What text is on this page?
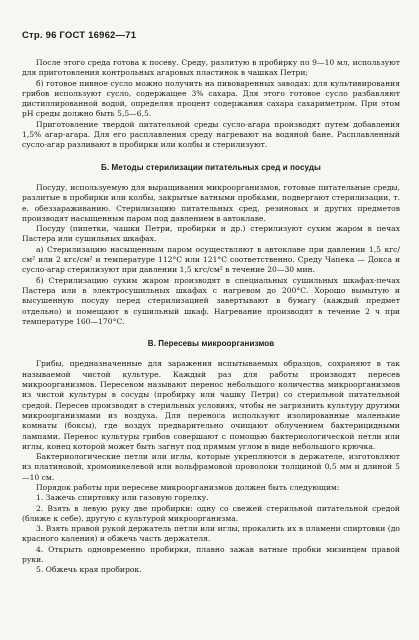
Стр. 96 ГОСТ 16962—71

После этого среда готова к посеву. Среду, разлитую в пробирку по 9—10 мл, используют для приготовления контрольных агаровых пластинок в чашках Петри;

б) готовое пивное сусло можно получить на пивоваренных заводах: для культивирования грибов используют сусло, содержащее 3% сахара. Для этого готовое сусло разбавляют дистиллированной водой, определяя процент содержания сахара сахариметром. При этом pH среды должно быть 5,5—6,5.

Приготовление твердой питательной среды сусло-агара производят путем добавления 1,5% агар-агара. Для его расплавления среду нагревают на водяной бане. Расплавленный сусло-агар разливают в пробирки или колбы и стерилизуют.

Б. Методы стерилизации питательных сред и посуды

Посуду, используемую для выращивания микроорганизмов, готовые питательные среды, разлитые в пробирки или колбы, закрытые ватными пробками, подвергают стерилизации, т. е. обеззараживанию. Стерилизацию питательных сред, резиновых и других предметов производят насыщенным паром под давлением в автоклаве.

Посуду (пипетки, чашки Петри, пробирки и др.) стерилизуют сухим жаром в печах Пастера или сушильных шкафах.

а) Стерилизацию насыщенным паром осуществляют в автоклаве при давлении 1,5 кгс/см² или 2 кгс/см² и температуре 112°С или 121°С соответственно. Среду Чапека — Докса и сусло-агар стерилизуют при давлении 1,5 кгс/см² в течение 20—30 мин.

б) Стерилизацию сухим жаром производят в специальных сушильных шкафах-печах Пастера или в электросушильных шкафах с нагревом до 200°С. Хорошо вымытую и высушенную посуду перед стерилизацией завертывают в бумагу (каждый предмет отдельно) и помещают в сушильный шкаф. Нагревание производят в течение 2 ч при температуре 160—170°С.

В. Пересевы микроорганизмов

Грибы, предназначенные для заражения испытываемых образцов, сохраняют в так называемой чистой культуре. Каждый раз для работы производят пересев микроорганизмов. Пересевом называют перенос небольшого количества микроорганизмов из чистой культуры в сосуды (пробирку или чашку Петри) со стерильной питательной средой. Пересев производят в стерильных условиях, чтобы не загрязнить культуру другими микроорганизмами из воздуха. Для переноса используют изолированные маленькие комнаты (боксы), где воздух предварительно очищают облучением бактерицидными лампами. Перенос культуры грибов совершают с помощью бактериологической петли или иглы, конец которой может быть загнут под прямым углом в виде небольшого крючка.

Бактериологические петли или иглы, которые укрепляются в держателе, изготовляют из платиновой, хромоникелевой или вольфрамовой проволоки толщиной 0,5 мм и длиной 5—10 см.

Порядок работы при пересеве микроорганизмов должен быть следующим:

1. Зажечь спиртовку или газовую горелку.

2. Взять в левую руку две пробирки: одну со свежей стерильной питательной средой (ближе к себе), другую с культурой микроорганизма.

3. Взять правой рукой держатель петли или иглы, прокалить их в пламени спиртовки (до красного каления) и обжечь часть держателя.

4. Открыть одновременно пробирки, плавно зажав ватные пробки мизинцем правой руки.

5. Обжечь края пробирок.
